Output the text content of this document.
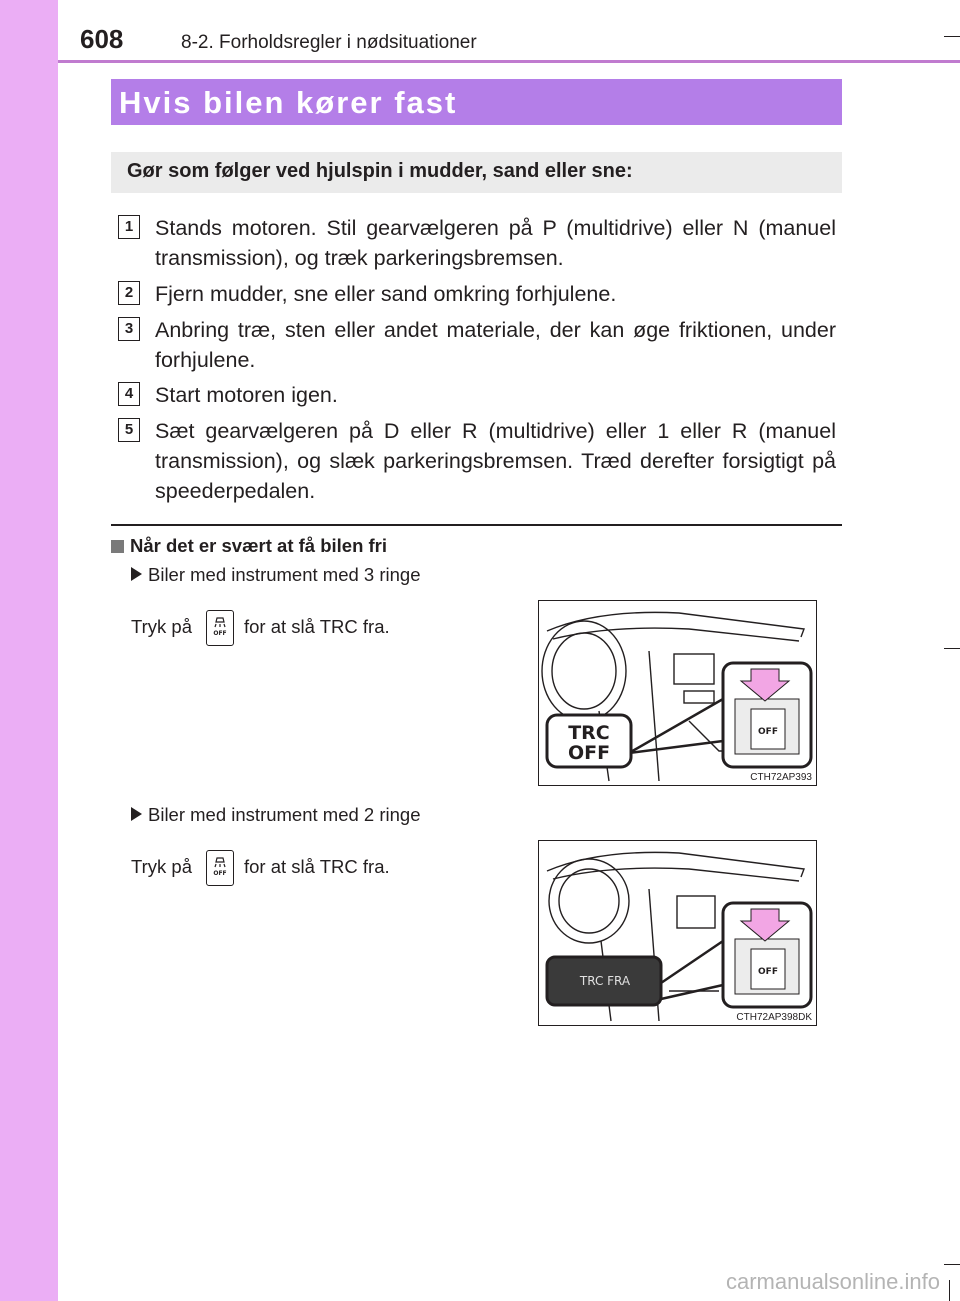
608	8-2. Forholdsregler i nødsituationer
Hvis bilen kører fast
Gør som følger ved hjulspin i mudder, sand eller sne:
1	Stands motoren. Stil gearvælgeren på P (multidrive) eller N (manuel transmission), og træk parkeringsbremsen.
2	Fjern mudder, sne eller sand omkring forhjulene.
3	Anbring træ, sten eller andet materiale, der kan øge friktionen, under forhjulene.
4	Start motoren igen.
5	Sæt gearvælgeren på D eller R (multidrive) eller 1 eller R (manuel transmission), og slæk parkeringsbremsen. Træd derefter forsigtigt på speederpedalen.
Når det er svært at få bilen fri
Biler med instrument med 3 ringe
Tryk på	OFF for at slå TRC fra.
OFF
TRC
OFF
CTH72AP393
Biler med instrument med 2 ringe
Tryk på	OFF for at slå TRC fra.
OFF
TRC FRA
CTH72AP398DK
carmanualsonline.info
